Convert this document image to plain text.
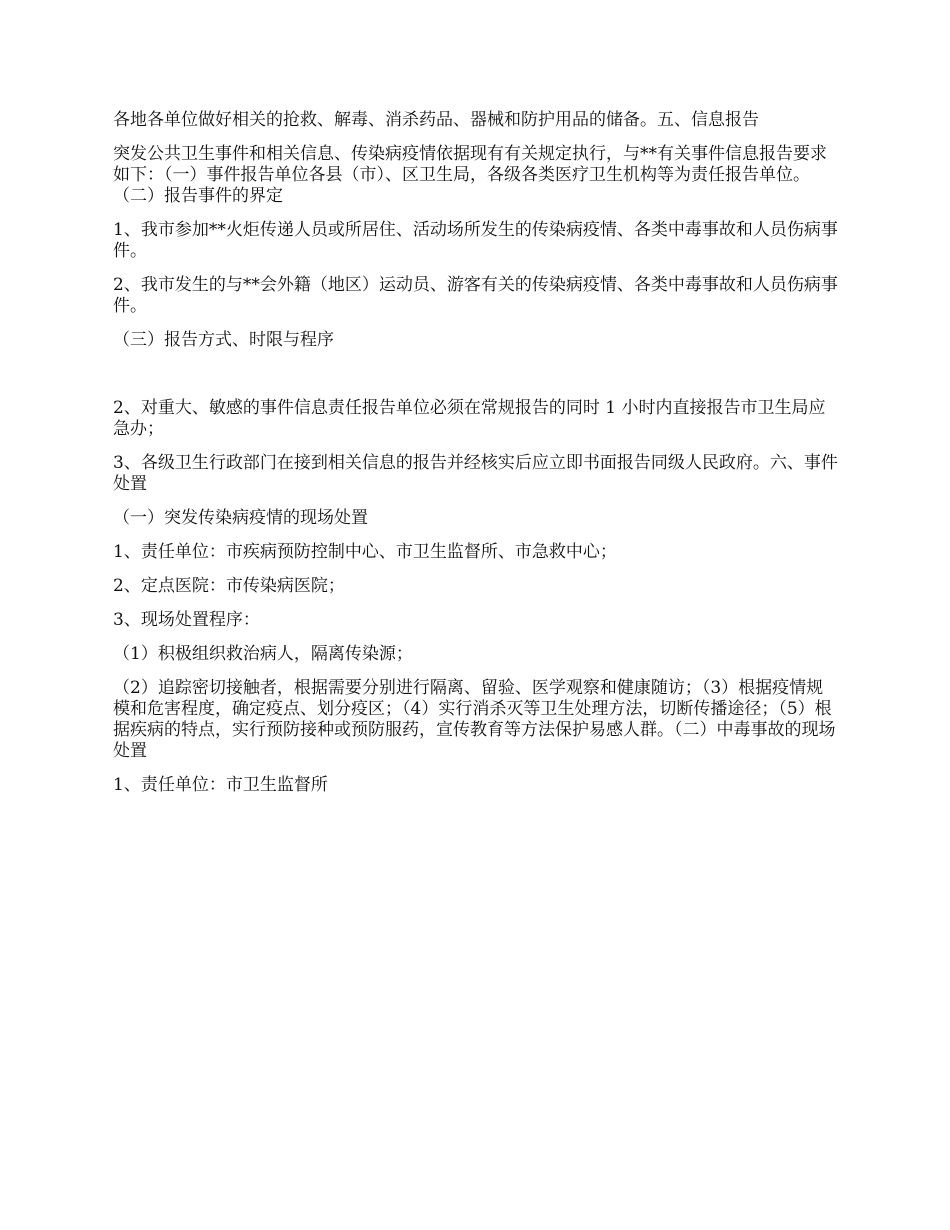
各地各单位做好相关的抢救、解毒、消杀药品、器械和防护用品的储备。五、信息报告

突发公共卫生事件和相关信息、传染病疫情依据现有有关规定执行，与**有关事件信息报告要求如下：（一）事件报告单位各县（市）、区卫生局，各级各类医疗卫生机构等为责任报告单位。（二）报告事件的界定

1、我市参加**火炬传递人员或所居住、活动场所发生的传染病疫情、各类中毒事故和人员伤病事件。

2、我市发生的与**会外籍（地区）运动员、游客有关的传染病疫情、各类中毒事故和人员伤病事件。

（三）报告方式、时限与程序

2、对重大、敏感的事件信息责任报告单位必须在常规报告的同时 1 小时内直接报告市卫生局应急办；

3、各级卫生行政部门在接到相关信息的报告并经核实后应立即书面报告同级人民政府。六、事件处置

（一）突发传染病疫情的现场处置

1、责任单位：市疾病预防控制中心、市卫生监督所、市急救中心；

2、定点医院：市传染病医院；

3、现场处置程序：

（1）积极组织救治病人，隔离传染源；

（2）追踪密切接触者，根据需要分别进行隔离、留验、医学观察和健康随访；（3）根据疫情规模和危害程度，确定疫点、划分疫区；（4）实行消杀灭等卫生处理方法，切断传播途径；（5）根据疾病的特点，实行预防接种或预防服药，宣传教育等方法保护易感人群。（二）中毒事故的现场处置

1、责任单位：市卫生监督所
